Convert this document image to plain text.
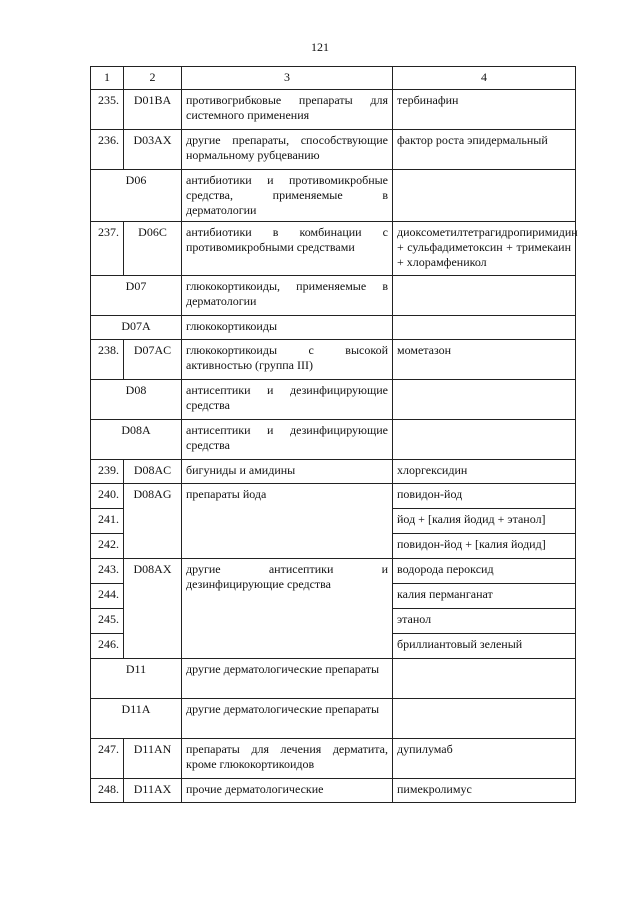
121
1	2	3	4
235.	D01BA	противогрибковые препараты для системного применения	тербинафин
236.	D03AX	другие препараты, способствующие нормальному рубцеванию	фактор роста эпидермальный
D06		антибиотики и противомикробные средства, применяемые в дерматологии	
237.	D06C	антибиотики в комбинации с противомикробными средствами	диоксометилтетрагидропиримидин + сульфадиметоксин + тримекаин + хлорамфеникол
D07		глюкокортикоиды, применяемые в дерматологии	
D07A		глюкокортикоиды	
238.	D07AC	глюкокортикоиды с высокой активностью (группа III)	мометазон
D08		антисептики и дезинфицирующие средства	
D08A		антисептики и дезинфицирующие средства	
239.	D08AC	бигуниды и амидины	хлоргексидин
240.	D08AG	препараты йода	повидон-йод
241.			йод + [калия йодид + этанол]
242.			повидон-йод + [калия йодид]
243.	D08AX	другие антисептики и дезинфицирующие средства	водорода пероксид
244.			калия перманганат
245.			этанол
246.			бриллиантовый зеленый
D11		другие дерматологические препараты	
D11A		другие дерматологические препараты	
247.	D11AN	препараты для лечения дерматита, кроме глюкокортикоидов	дупилумаб
248.	D11AX	прочие дерматологические	пимекролимус
